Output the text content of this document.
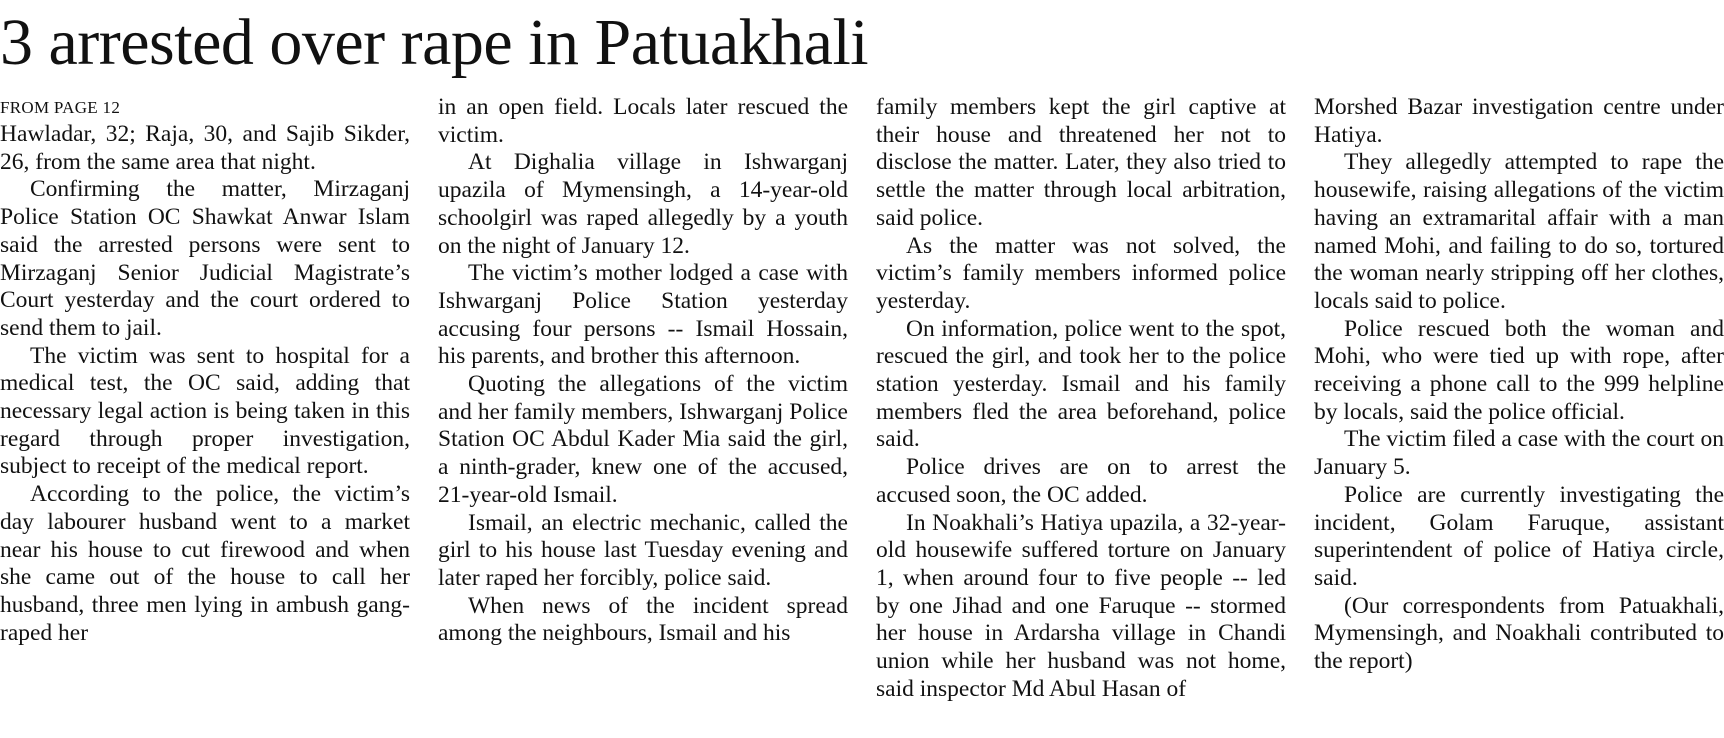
3 arrested over rape in Patuakhali
FROM PAGE 12

Hawladar, 32; Raja, 30, and Sajib Sikder, 26, from the same area that night.

Confirming the matter, Mirzaganj Police Station OC Shawkat Anwar Islam said the arrested persons were sent to Mirzaganj Senior Judicial Magistrate’s Court yesterday and the court ordered to send them to jail.

The victim was sent to hospital for a medical test, the OC said, adding that necessary legal action is being taken in this regard through proper investigation, subject to receipt of the medical report.

According to the police, the victim’s day labourer husband went to a market near his house to cut firewood and when she came out of the house to call her husband, three men lying in ambush gang-raped her

in an open field. Locals later rescued the victim.

At Dighalia village in Ishwarganj upazila of Mymensingh, a 14-year-old schoolgirl was raped allegedly by a youth on the night of January 12.

The victim’s mother lodged a case with Ishwarganj Police Station yesterday accusing four persons -- Ismail Hossain, his parents, and brother this afternoon.

Quoting the allegations of the victim and her family members, Ishwarganj Police Station OC Abdul Kader Mia said the girl, a ninth-grader, knew one of the accused, 21-year-old Ismail.

Ismail, an electric mechanic, called the girl to his house last Tuesday evening and later raped her forcibly, police said.

When news of the incident spread among the neighbours, Ismail and his

family members kept the girl captive at their house and threatened her not to disclose the matter. Later, they also tried to settle the matter through local arbitration, said police.

As the matter was not solved, the victim’s family members informed police yesterday.

On information, police went to the spot, rescued the girl, and took her to the police station yesterday. Ismail and his family members fled the area beforehand, police said.

Police drives are on to arrest the accused soon, the OC added.

In Noakhali’s Hatiya upazila, a 32-year-old housewife suffered torture on January 1, when around four to five people -- led by one Jihad and one Faruque -- stormed her house in Ardarsha village in Chandi union while her husband was not home, said inspector Md Abul Hasan of

Morshed Bazar investigation centre under Hatiya.

They allegedly attempted to rape the housewife, raising allegations of the victim having an extramarital affair with a man named Mohi, and failing to do so, tortured the woman nearly stripping off her clothes, locals said to police.

Police rescued both the woman and Mohi, who were tied up with rope, after receiving a phone call to the 999 helpline by locals, said the police official.

The victim filed a case with the court on January 5.

Police are currently investigating the incident, Golam Faruque, assistant superintendent of police of Hatiya circle, said.

(Our correspondents from Patuakhali, Mymensingh, and Noakhali contributed to the report)
